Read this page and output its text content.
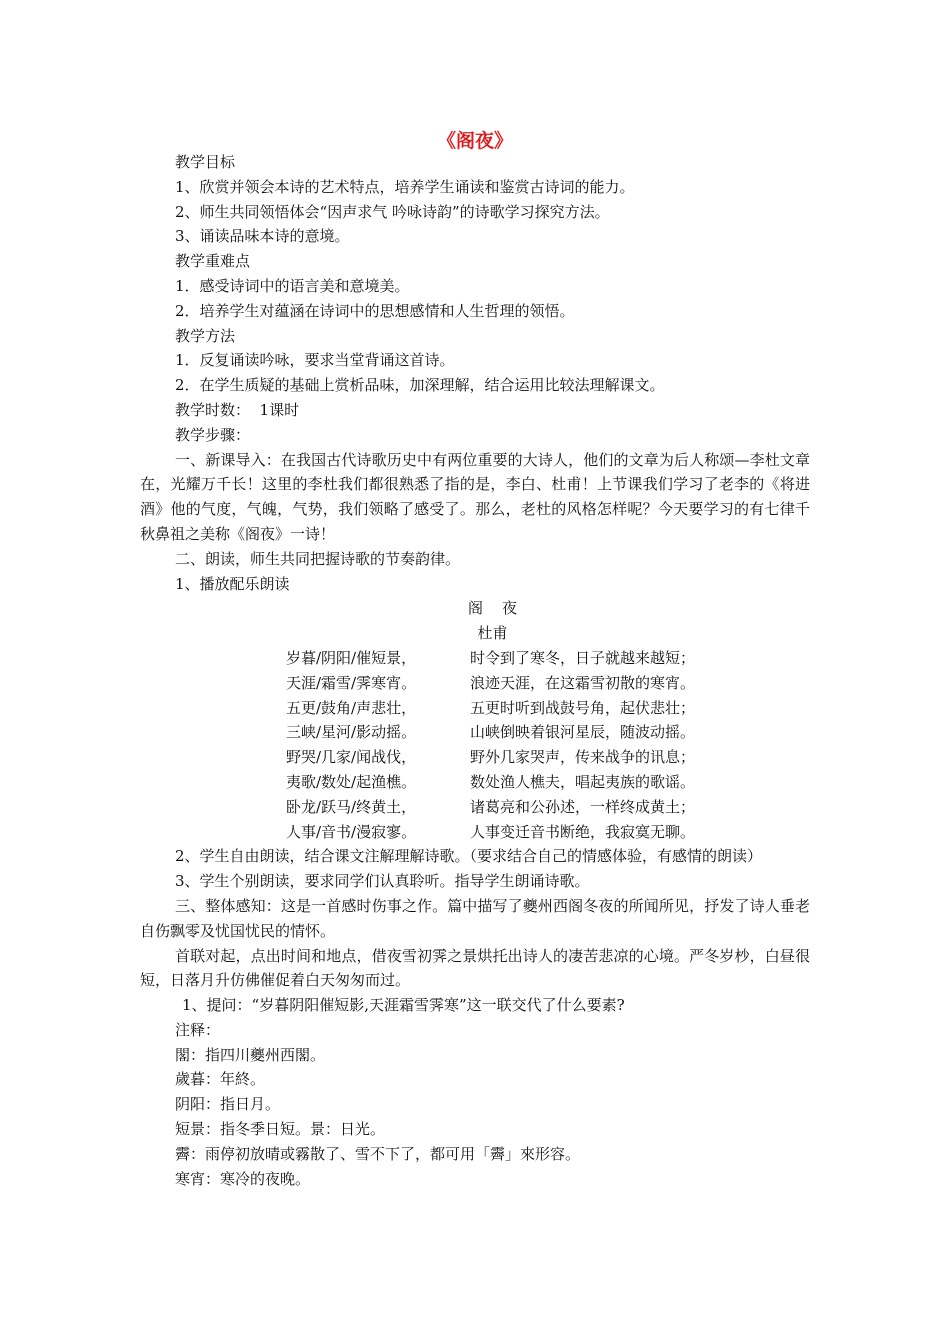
《阁夜》
教学目标
1、欣赏并领会本诗的艺术特点，培养学生诵读和鉴赏古诗词的能力。
2、师生共同领悟体会“因声求气 吟咏诗韵”的诗歌学习探究方法。
3、诵读品味本诗的意境。
教学重难点
1．感受诗词中的语言美和意境美。
2．培养学生对蕴涵在诗词中的思想感情和人生哲理的领悟。
教学方法
1．反复诵读吟咏，要求当堂背诵这首诗。
2．在学生质疑的基础上赏析品味，加深理解，结合运用比较法理解课文。
教学时数：  1课时
教学步骤：

一、新课导入：在我国古代诗歌历史中有两位重要的大诗人，他们的文章为后人称颂—李杜文章在，光耀万千长！这里的李杜我们都很熟悉了指的是，李白、杜甫！上节课我们学习了老李的《将进酒》他的气度，气魄，气势，我们领略了感受了。那么，老杜的风格怎样呢？今天要学习的有七律千秋鼻祖之美称《阁夜》一诗！

二、朗读，师生共同把握诗歌的节奏韵律。
1、播放配乐朗读
阁    夜
杜甫
岁暮/阴阳/催短景，	时令到了寒冬，日子就越来越短；
天涯/霜雪/霁寒宵。	浪迹天涯，在这霜雪初散的寒宵。
五更/鼓角/声悲壮，	五更时听到战鼓号角，起伏悲壮；
三峡/星河/影动摇。	山峡倒映着银河星辰，随波动摇。
野哭/几家/闻战伐，	野外几家哭声，传来战争的讯息；
夷歌/数处/起渔樵。	数处渔人樵夫，唱起夷族的歌谣。
卧龙/跃马/终黄土，	诸葛亮和公孙述，一样终成黄土；
人事/音书/漫寂寥。	人事变迁音书断绝，我寂寞无聊。

2、学生自由朗读，结合课文注解理解诗歌。（要求结合自己的情感体验，有感情的朗读）

3、学生个别朗读，要求同学们认真聆听。指导学生朗诵诗歌。

三、整体感知：这是一首感时伤事之作。篇中描写了夔州西阁冬夜的所闻所见，抒发了诗人垂老自伤飘零及忧国忧民的情怀。

首联对起，点出时间和地点，借夜雪初霁之景烘托出诗人的凄苦悲凉的心境。严冬岁杪，白昼很短，日落月升仿佛催促着白天匆匆而过。

1、提问：“岁暮阴阳催短影,天涯霜雪霁寒”这一联交代了什么要素?

注释：
閣：指四川夔州西閣。
歲暮：年終。
阴阳：指日月。
短景：指冬季日短。景：日光。
霽：雨停初放晴或霧散了、雪不下了，都可用「霽」來形容。
寒宵：寒冷的夜晚。
